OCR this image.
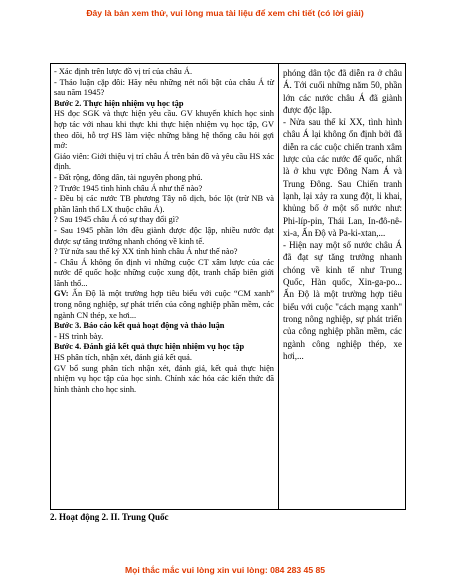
Đây là bản xem thử, vui lòng mua tài liệu để xem chi tiết (có lời giải)

- Xác định trên lược đồ vị trí của châu Á.

- Thảo luận cặp đôi: Hãy nêu những nét nổi bật của châu Á từ sau năm 1945?

Bước 2. Thực hiện nhiệm vụ học tập

HS đọc SGK và thực hiện yêu cầu. GV khuyến khích học sinh hợp tác với nhau khi thực khi thực hiện nhiệm vụ học tập, GV theo dõi, hỗ trợ HS làm việc những bằng hệ thống câu hỏi gợi mở:

Giáo viên: Giới thiệu vị trí châu Á trên bản đồ và yêu cầu HS xác định.

- Đất rộng, đông dân, tài nguyên phong phú.

? Trước 1945 tình hình châu Á như thế nào?

- Đều bị các nước TB phương Tây nô dịch, bóc lột (trừ NB và phần lãnh thổ LX thuộc châu Á).

? Sau 1945 châu Á có sự thay đổi gì?

- Sau 1945 phần lớn đều giành được độc lập, nhiều nước đạt được sự tăng trưởng nhanh chóng về kinh tế.

? Từ nửa sau thế kỷ XX tình hình châu Á như thế nào?

- Châu Á không ổn định vì những cuộc CT xâm lược của các nước đế quốc hoặc những cuộc xung đột, tranh chấp biên giới lãnh thổ...

GV: Ấn Độ là một trường hợp tiêu biểu với cuộc “CM xanh” trong nông nghiệp, sự phát triển của công nghiệp phần mềm, các ngành CN thép, xe hơi...

Bước 3. Báo cáo kết quả hoạt động và thảo luận

- HS trình bày.

Bước 4. Đánh giá kết quả thực hiện nhiệm vụ học tập

HS phân tích, nhận xét, đánh giá kết quả.

GV bổ sung phân tích nhận xét, đánh giá, kết quả thực hiện nhiệm vụ học tập của học sinh. Chính xác hóa các kiến thức đã hình thành cho học sinh.

phóng dân tộc đã diễn ra ở châu Á. Tới cuối những năm 50, phần lớn các nước châu Á đã giành được độc lập.

- Nửa sau thế kỉ XX, tình hình châu Á lại không ổn định bởi đã diễn ra các cuộc chiến tranh xâm lược của các nước đế quốc, nhất là ở khu vực Đông Nam Á và Trung Đông. Sau Chiến tranh lạnh, lại xảy ra xung đột, li khai, khủng bố ở một số nước như: Phi-líp-pin, Thái Lan, In-đô-nê-xi-a, Ấn Độ và Pa-ki-xtan,...

- Hiện nay một số nước châu Á đã đạt sự tăng trưởng nhanh chóng về kinh tế như Trung Quốc, Hàn quốc, Xin-ga-po... Ấn Độ là một trường hợp tiêu biểu với cuộc "cách mạng xanh" trong nông nghiệp, sự phát triển của công nghiệp phần mềm, các ngành công nghiệp thép, xe hơi,...

2. Hoạt động 2. II. Trung Quốc
Mọi thắc mắc vui lòng xin vui lòng: 084 283 45 85
